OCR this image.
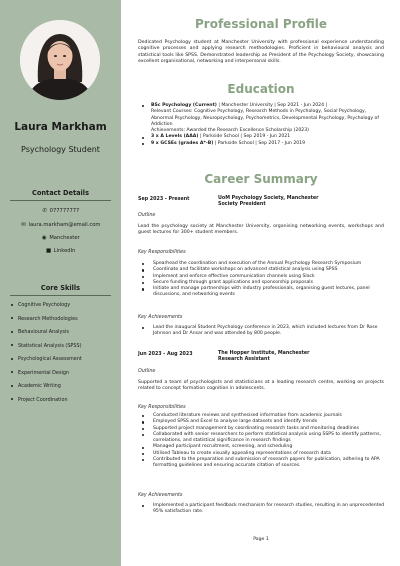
Laura Markham
Psychology Student
Contact Details
✆ 077777777
✉ laura.markham@email.com
◉ Manchester
■ LinkedIn
Core Skills
Cognitive Psychology
Research Methodologies
Behavioural Analysis
Statistical Analysis (SPSS)
Psychological Assessment
Experimental Design
Academic Writing
Project Coordination
Professional Profile
Dedicated Psychology student at Manchester University with professional experience understanding cognitive processes and applying research methodologies. Proficient in behavioural analysis and statistical tools like SPSS. Demonstrated leadership as President of the Psychology Society, showcasing excellent organisational, networking and interpersonal skills.
Education
BSc Psychology (Current) | Manchester University | Sep 2021 - Jun 2024 |
Relevant Courses: Cognitive Psychology, Research Methods in Psychology, Social Psychology, Abnormal Psychology, Neuropsychology, Psychometrics, Developmental Psychology, Psychology of Addiction
Achievements: Awarded the Research Excellence Scholarship (2023)
3 x A Levels (AAA) | Parkside School | Sep 2019 - Jun 2021
9 x GCSEs (grades A*-B) | Parkside School | Sep 2017 - Jun 2019
Career Summary
Sep 2023 - Present	UoM Psychology Society, Manchester
Society President
Outline
Lead the psychology society at Manchester University, organising networking events, workshops and guest lectures for 300+ student members.
Key Responsibilities
Spearhead the coordination and execution of the Annual Psychology Research Symposium
Coordinate and facilitate workshops on advanced statistical analysis using SPSS
Implement and enforce effective communication channels using Slack
Secure funding through grant applications and sponsorship proposals
Initiate and manage partnerships with industry professionals, organising guest lectures, panel discussions, and networking events
Key Achievements
Lead the inaugural Student Psychology conference in 2023, which included lectures from Dr Rose Johnson and Dr Ansar and was attended by 800 people.
Jun 2023 - Aug 2023	The Hopper Institute, Manchester
Research Assistant
Outline
Supported a team of psychologists and statisticians at a leading research centre, working on projects related to concept formation cognition in adolescents.
Key Responsibilities
Conducted literature reviews and synthesised information from academic journals
Employed SPSS and Excel to analyse large datasets and identify trends
Supported project management by coordinating research tasks and monitoring deadlines
Collaborated with senior researchers to perform statistical analysis using SSPS to identify patterns, correlations, and statistical significance in research findings
Managed participant recruitment, screening, and scheduling
Utilised Tableau to create visually appealing representations of research data
Contributed to the preparation and submission of research papers for publication, adhering to APA formatting guidelines and ensuring accurate citation of sources.
Key Achievements
Implemented a participant feedback mechanism for research studies, resulting in an unprecedented 95% satisfaction rate.
Page 1
